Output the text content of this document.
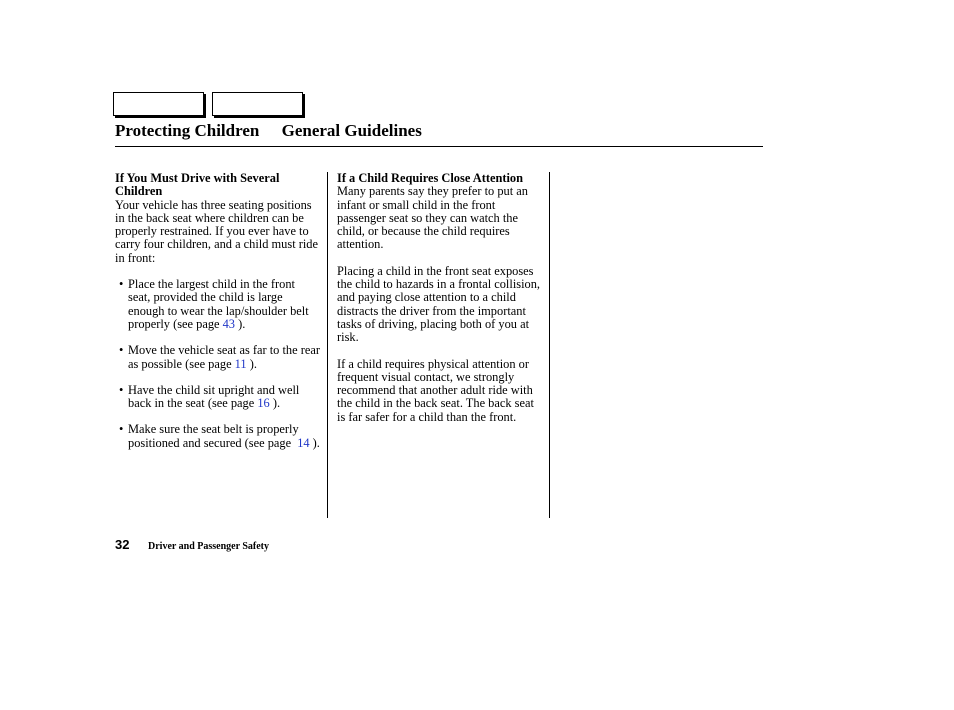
Protecting Children General Guidelines
If You Must Drive with Several Children

Your vehicle has three seating positions in the back seat where children can be properly restrained. If you ever have to carry four children, and a child must ride in front:

• Place the largest child in the front seat, provided the child is large enough to wear the lap/shoulder belt properly (see page 43 ).
• Move the vehicle seat as far to the rear as possible (see page 11 ).
• Have the child sit upright and well back in the seat (see page 16 ).
• Make sure the seat belt is properly positioned and secured (see page 14 ).
If a Child Requires Close Attention

Many parents say they prefer to put an infant or small child in the front passenger seat so they can watch the child, or because the child requires attention.

Placing a child in the front seat exposes the child to hazards in a frontal collision, and paying close attention to a child distracts the driver from the important tasks of driving, placing both of you at risk.

If a child requires physical attention or frequent visual contact, we strongly recommend that another adult ride with the child in the back seat. The back seat is far safer for a child than the front.

32 Driver and Passenger Safety
